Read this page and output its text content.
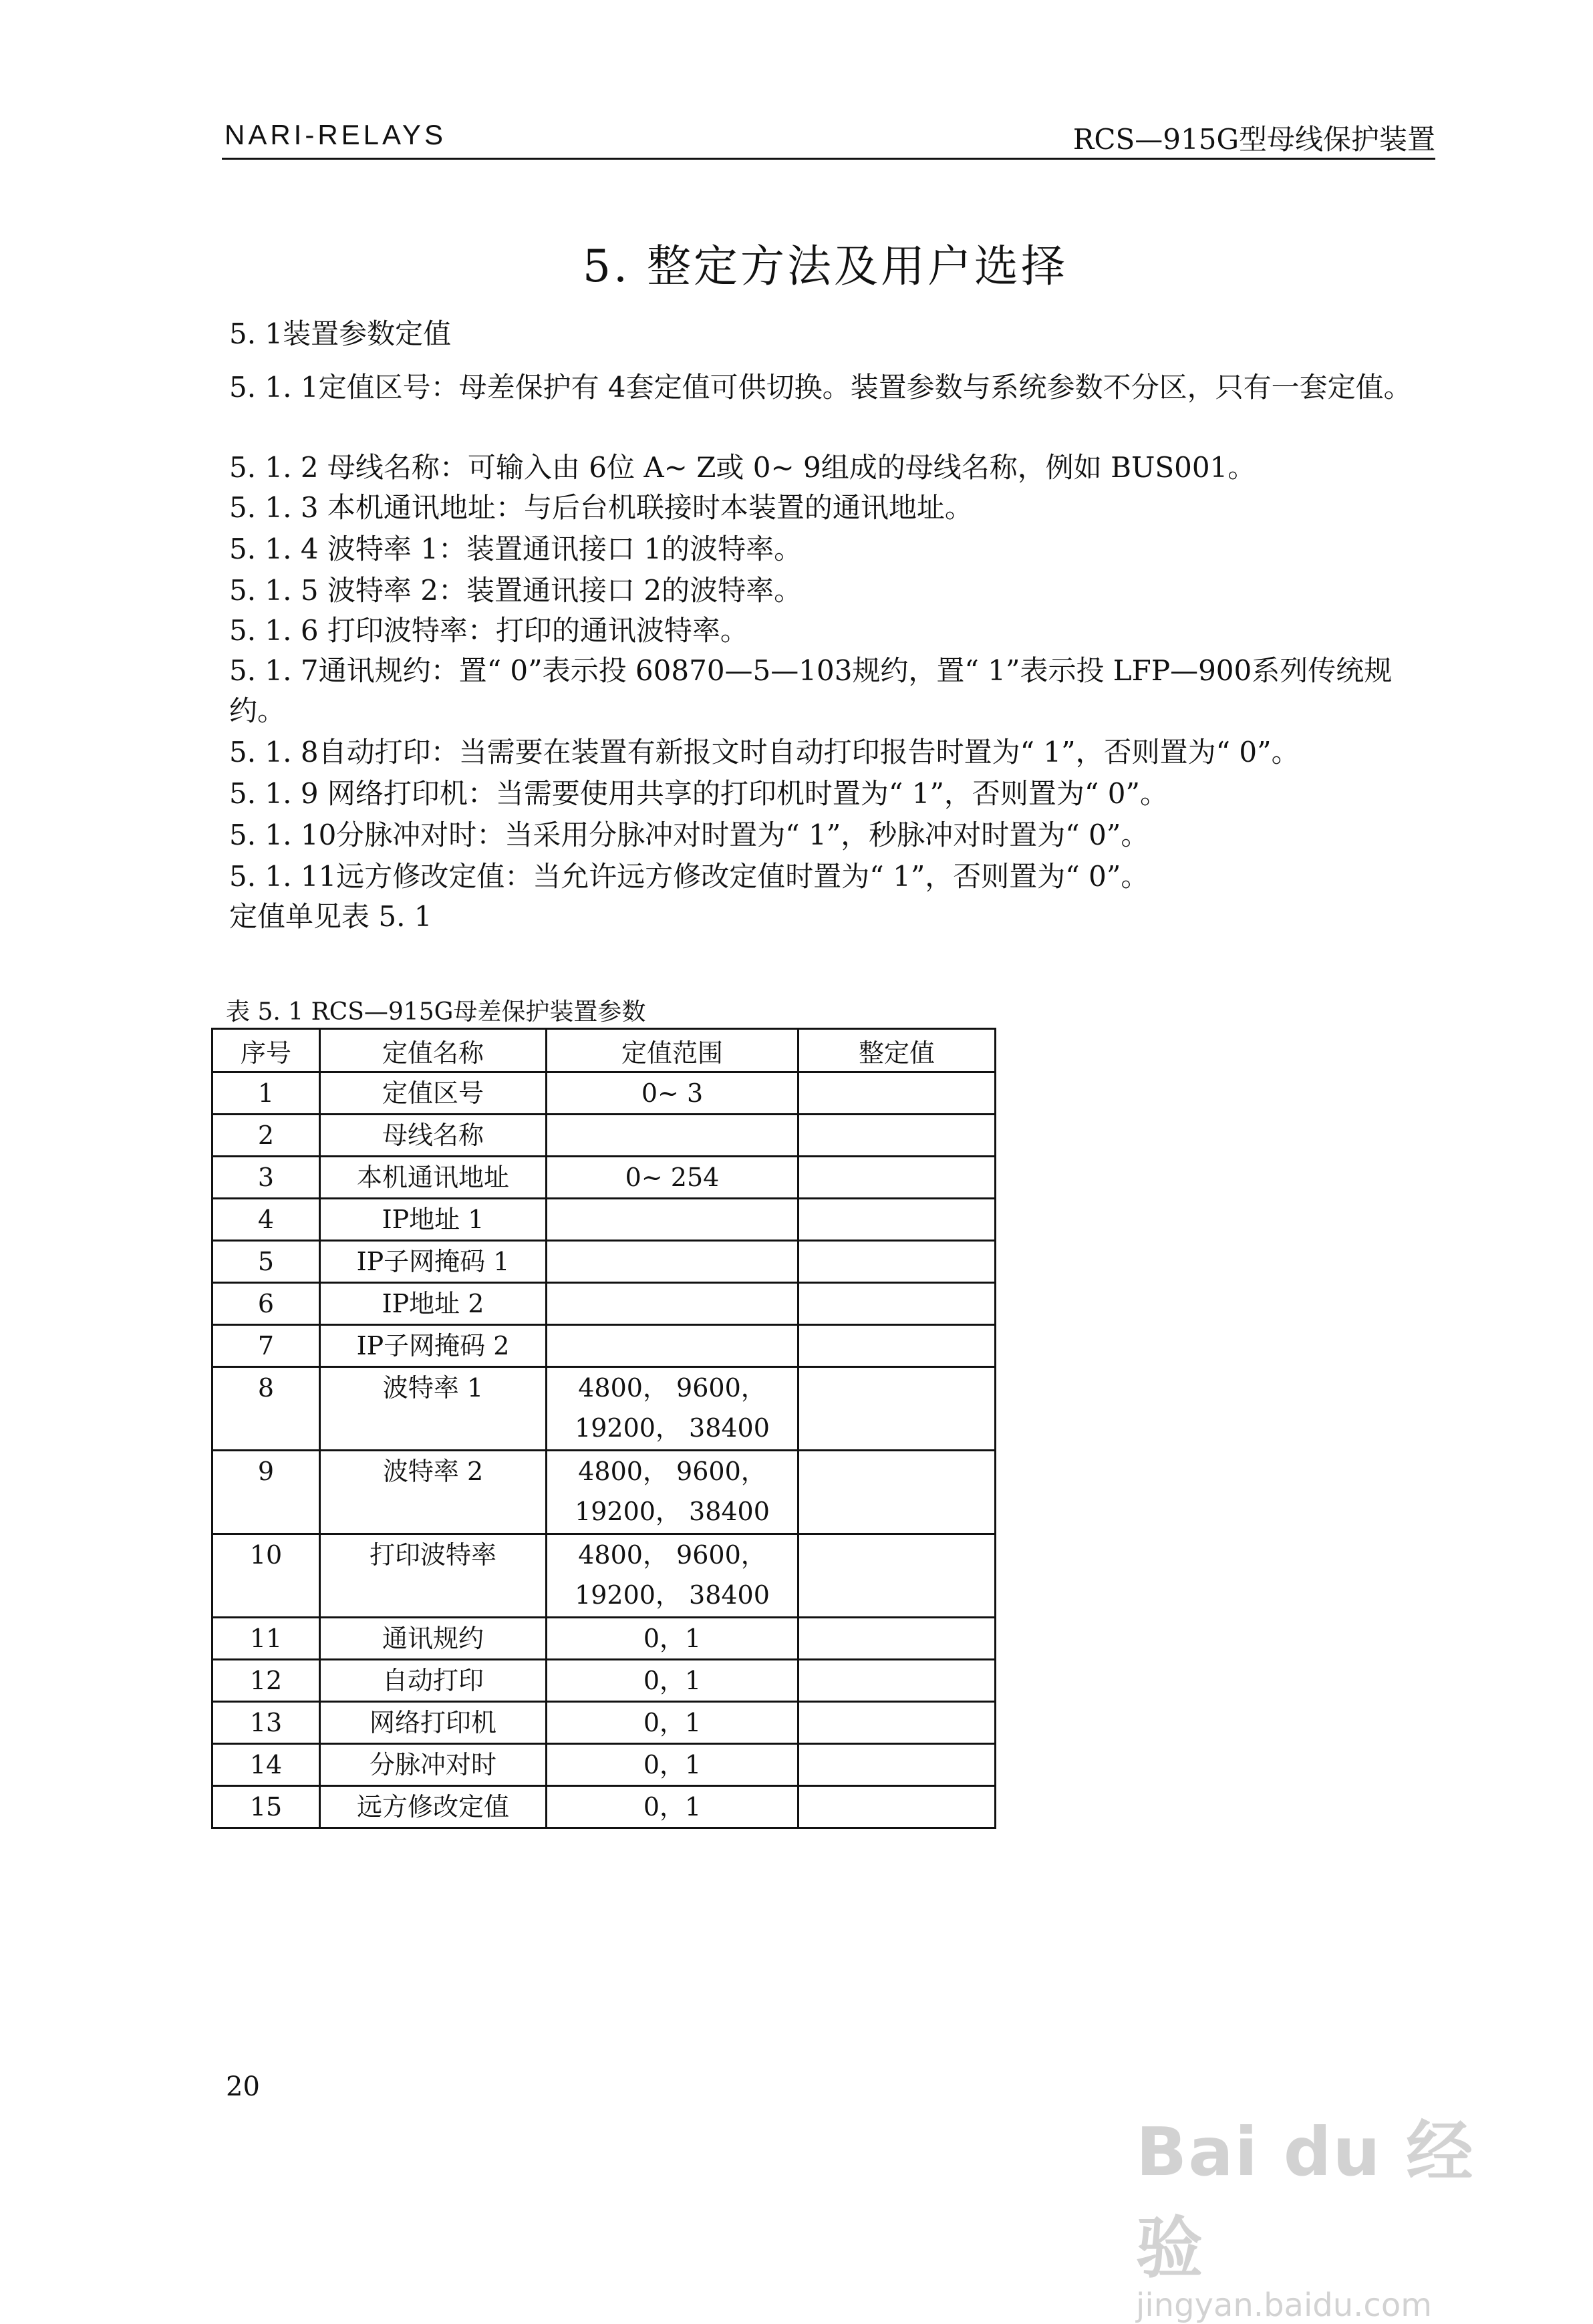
NARI-RELAYS	RCS—915G型母线保护装置
5. 整定方法及用户选择
5. 1装置参数定值
5. 1. 1定值区号：母差保护有 4套定值可供切换。装置参数与系统参数不分区，只有一套定值。
5. 1. 2 母线名称：可输入由 6位 A~ Z或 0~ 9组成的母线名称，例如 BUS001。
5. 1. 3 本机通讯地址：与后台机联接时本装置的通讯地址。
5. 1. 4 波特率 1：装置通讯接口 1的波特率。
5. 1. 5 波特率 2：装置通讯接口 2的波特率。
5. 1. 6 打印波特率：打印的通讯波特率。
5. 1. 7通讯规约：置“ 0”表示投 60870—5—103规约，置“ 1”表示投 LFP—900系列传统规约。
5. 1. 8自动打印：当需要在装置有新报文时自动打印报告时置为“ 1”，否则置为“ 0”。
5. 1. 9 网络打印机：当需要使用共享的打印机时置为“ 1”，否则置为“ 0”。
5. 1. 10分脉冲对时：当采用分脉冲对时置为“ 1”，秒脉冲对时置为“ 0”。
5. 1. 11远方修改定值：当允许远方修改定值时置为“ 1”，否则置为“ 0”。
定值单见表 5. 1
表 5. 1 RCS—915G母差保护装置参数
序号	定值名称	定值范围	整定值
1	定值区号	0~ 3	
2	母线名称		
3	本机通讯地址	0~ 254	
4	IP地址 1		
5	IP子网掩码 1		
6	IP地址 2		
7	IP子网掩码 2		
8	波特率 1	4800， 9600，
19200， 38400	

9	波特率 2	4800， 9600，
19200， 38400	

10	打印波特率	4800， 9600，
19200， 38400	

11	通讯规约	0，1	
12	自动打印	0，1	
13	网络打印机	0，1	
14	分脉冲对时	0，1	
15	远方修改定值	0，1	
20
Bai du 经验
jingyan.baidu.com
